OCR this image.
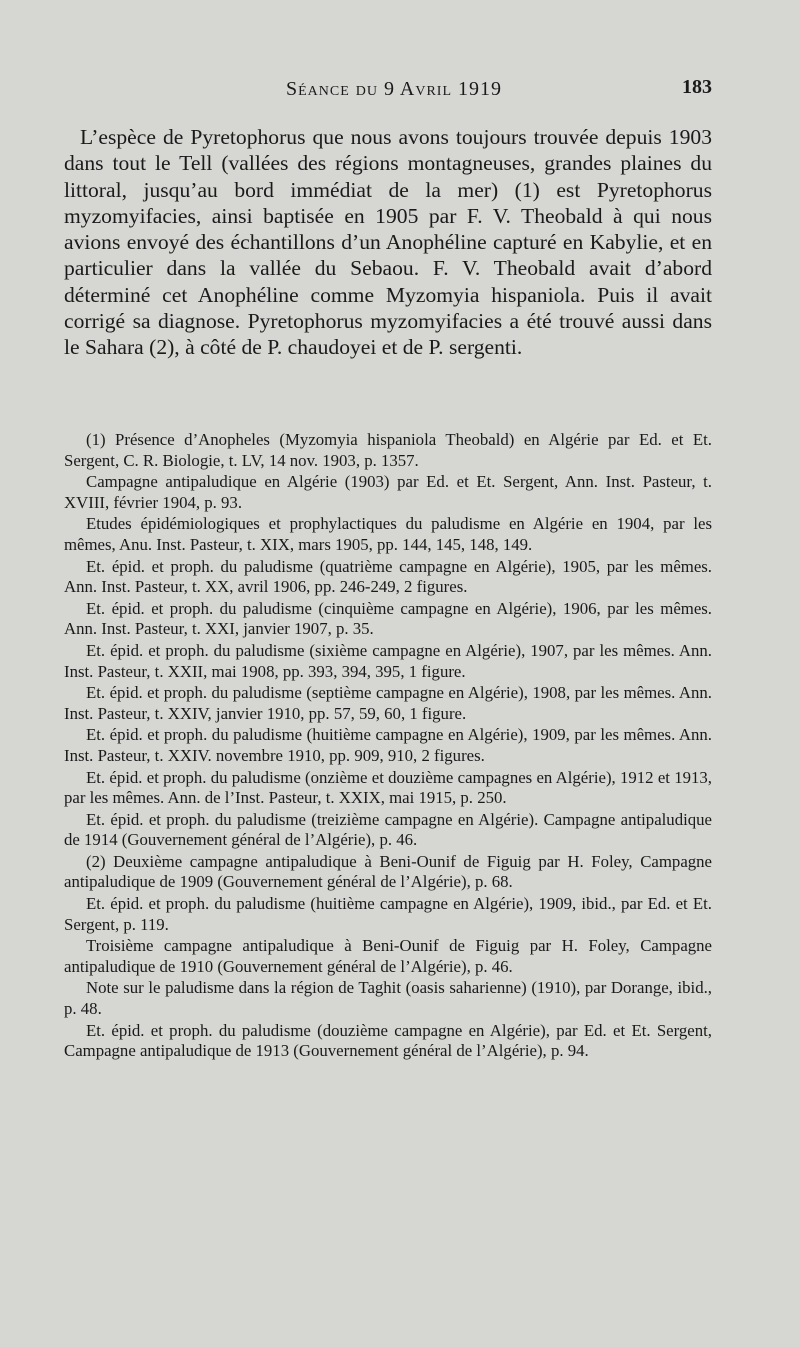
Séance du 9 Avril 1919	183
L’espèce de Pyretophorus que nous avons toujours trouvée depuis 1903 dans tout le Tell (vallées des régions montagneuses, grandes plaines du littoral, jusqu’au bord immédiat de la mer) (1) est Pyretophorus myzomyifacies, ainsi baptisée en 1905 par F. V. Theobald à qui nous avions envoyé des échantillons d’un Anophéline capturé en Kabylie, et en particulier dans la vallée du Sebaou. F. V. Theobald avait d’abord déterminé cet Anophéline comme Myzomyia hispaniola. Puis il avait corrigé sa diagnose. Pyretophorus myzomyifacies a été trouvé aussi dans le Sahara (2), à côté de P. chaudoyei et de P. sergenti.

(1) Présence d’Anopheles (Myzomyia hispaniola Theobald) en Algérie par Ed. et Et. Sergent, C. R. Biologie, t. LV, 14 nov. 1903, p. 1357.

Campagne antipaludique en Algérie (1903) par Ed. et Et. Sergent, Ann. Inst. Pasteur, t. XVIII, février 1904, p. 93.

Etudes épidémiologiques et prophylactiques du paludisme en Algérie en 1904, par les mêmes, Anu. Inst. Pasteur, t. XIX, mars 1905, pp. 144, 145, 148, 149.

Et. épid. et proph. du paludisme (quatrième campagne en Algérie), 1905, par les mêmes. Ann. Inst. Pasteur, t. XX, avril 1906, pp. 246-249, 2 figures.

Et. épid. et proph. du paludisme (cinquième campagne en Algérie), 1906, par les mêmes. Ann. Inst. Pasteur, t. XXI, janvier 1907, p. 35.

Et. épid. et proph. du paludisme (sixième campagne en Algérie), 1907, par les mêmes. Ann. Inst. Pasteur, t. XXII, mai 1908, pp. 393, 394, 395, 1 figure.

Et. épid. et proph. du paludisme (septième campagne en Algérie), 1908, par les mêmes. Ann. Inst. Pasteur, t. XXIV, janvier 1910, pp. 57, 59, 60, 1 figure.

Et. épid. et proph. du paludisme (huitième campagne en Algérie), 1909, par les mêmes. Ann. Inst. Pasteur, t. XXIV. novembre 1910, pp. 909, 910, 2 figures.

Et. épid. et proph. du paludisme (onzième et douzième campagnes en Algérie), 1912 et 1913, par les mêmes. Ann. de l’Inst. Pasteur, t. XXIX, mai 1915, p. 250.

Et. épid. et proph. du paludisme (treizième campagne en Algérie). Campagne antipaludique de 1914 (Gouvernement général de l’Algérie), p. 46.

(2) Deuxième campagne antipaludique à Beni-Ounif de Figuig par H. Foley, Campagne antipaludique de 1909 (Gouvernement général de l’Algérie), p. 68.

Et. épid. et proph. du paludisme (huitième campagne en Algérie), 1909, ibid., par Ed. et Et. Sergent, p. 119.

Troisième campagne antipaludique à Beni-Ounif de Figuig par H. Foley, Campagne antipaludique de 1910 (Gouvernement général de l’Algérie), p. 46.

Note sur le paludisme dans la région de Taghit (oasis saharienne) (1910), par Dorange, ibid., p. 48.

Et. épid. et proph. du paludisme (douzième campagne en Algérie), par Ed. et Et. Sergent, Campagne antipaludique de 1913 (Gouvernement général de l’Algérie), p. 94.
